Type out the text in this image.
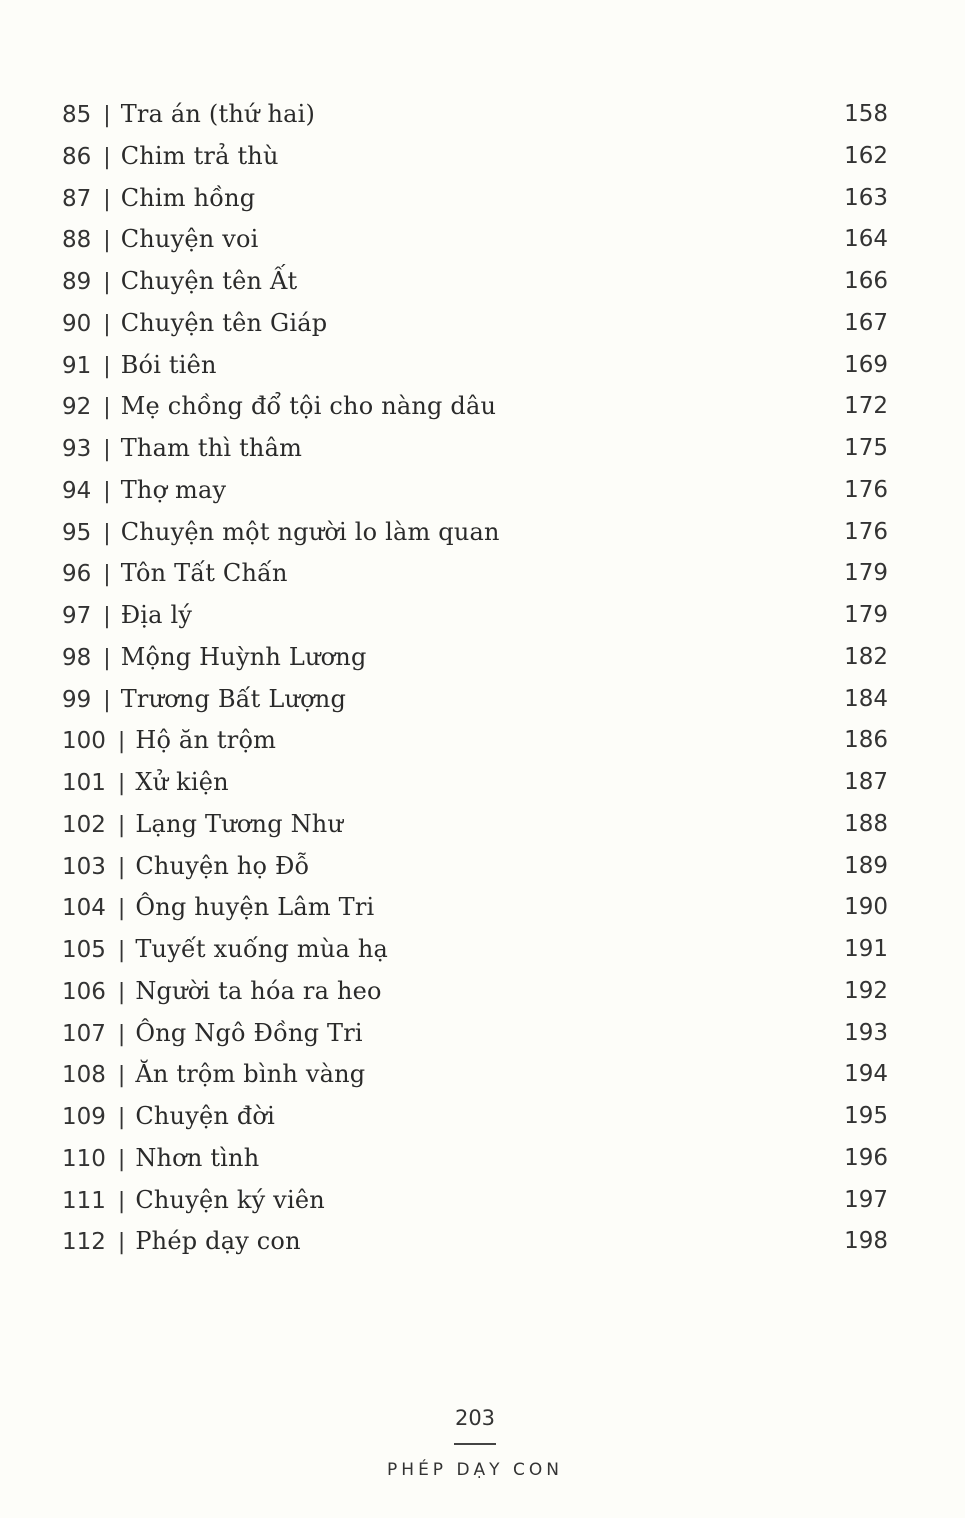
85 | Tra án (thứ hai)	158
86 | Chim trả thù	162
87 | Chim hồng	163
88 | Chuyện voi	164
89 | Chuyện tên Ất	166
90 | Chuyện tên Giáp	167
91 | Bói tiên	169
92 | Mẹ chồng đổ tội cho nàng dâu	172
93 | Tham thì thâm	175
94 | Thợ may	176
95 | Chuyện một người lo làm quan	176
96 | Tôn Tất Chấn	179
97 | Địa lý	179
98 | Mộng Huỳnh Lương	182
99 | Trương Bất Lượng	184
100 | Hộ ăn trộm	186
101 | Xử kiện	187
102 | Lạng Tương Như	188
103 | Chuyện họ Đỗ	189
104 | Ông huyện Lâm Tri	190
105 | Tuyết xuống mùa hạ	191
106 | Người ta hóa ra heo	192
107 | Ông Ngô Đồng Tri	193
108 | Ăn trộm bình vàng	194
109 | Chuyện đời	195
110 | Nhơn tình	196
111 | Chuyện ký viên	197
112 | Phép dạy con	198
203
PHÉP DẠY CON
